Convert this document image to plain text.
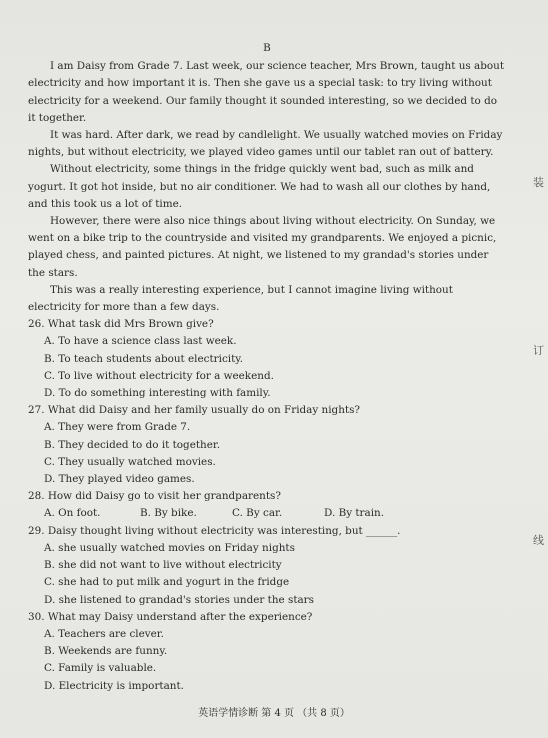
B

I am Daisy from Grade 7. Last week, our science teacher, Mrs Brown, taught us about electricity and how important it is. Then she gave us a special task: to try living without electricity for a weekend. Our family thought it sounded interesting, so we decided to do it together.

It was hard. After dark, we read by candlelight. We usually watched movies on Friday nights, but without electricity, we played video games until our tablet ran out of battery.

Without electricity, some things in the fridge quickly went bad, such as milk and yogurt. It got hot inside, but no air conditioner. We had to wash all our clothes by hand, and this took us a lot of time.

However, there were also nice things about living without electricity. On Sunday, we went on a bike trip to the countryside and visited my grandparents. We enjoyed a picnic, played chess, and painted pictures. At night, we listened to my grandad's stories under the stars.

This was a really interesting experience, but I cannot imagine living without electricity for more than a few days.

26. What task did Mrs Brown give?

A. To have a science class last week.

B. To teach students about electricity.

C. To live without electricity for a weekend.

D. To do something interesting with family.

27. What did Daisy and her family usually do on Friday nights?

A. They were from Grade 7.

B. They decided to do it together.

C. They usually watched movies.

D. They played video games.

28. How did Daisy go to visit her grandparents?

A. On foot.	B. By bike.	C. By car.	D. By train.

29. Daisy thought living without electricity was interesting, but ______.

A. she usually watched movies on Friday nights

B. she did not want to live without electricity

C. she had to put milk and yogurt in the fridge

D. she listened to grandad's stories under the stars

30. What may Daisy understand after the experience?

A. Teachers are clever.

B. Weekends are funny.

C. Family is valuable.

D. Electricity is important.

装
订
线
英语学情诊断 第 4 页 （共 8 页）
